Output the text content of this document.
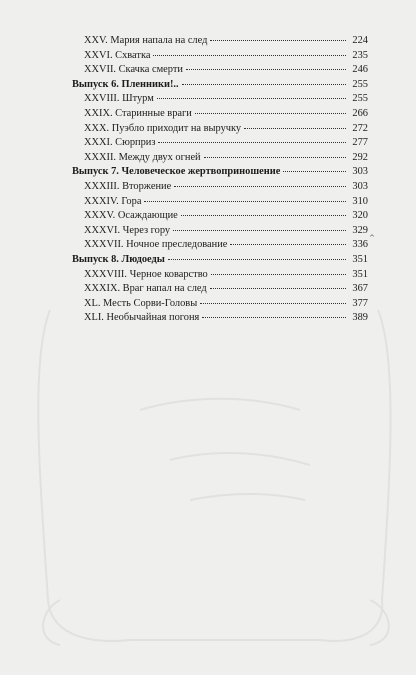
XXV. Мария напала на след	224
XXVI. Схватка	235
XXVII. Скачка смерти	246
Выпуск 6. Пленники!..	255
XXVIII. Штурм	255
XXIX. Старинные враги	266
XXX. Пуэбло приходит на выручку	272
XXXI. Сюрприз	277
XXXII. Между двух огней	292
Выпуск 7. Человеческое жертвоприношение	303
XXXIII. Вторжение	303
XXXIV. Гора	310
XXXV. Осаждающие	320
XXXVI. Через гору	329
XXXVII. Ночное преследование	336
Выпуск 8. Людоеды	351
XXXVIII. Черное коварство	351
XXXIX. Враг напал на след	367
XL. Месть Сорви-Головы	377
XLI. Необычайная погоня	389
^
